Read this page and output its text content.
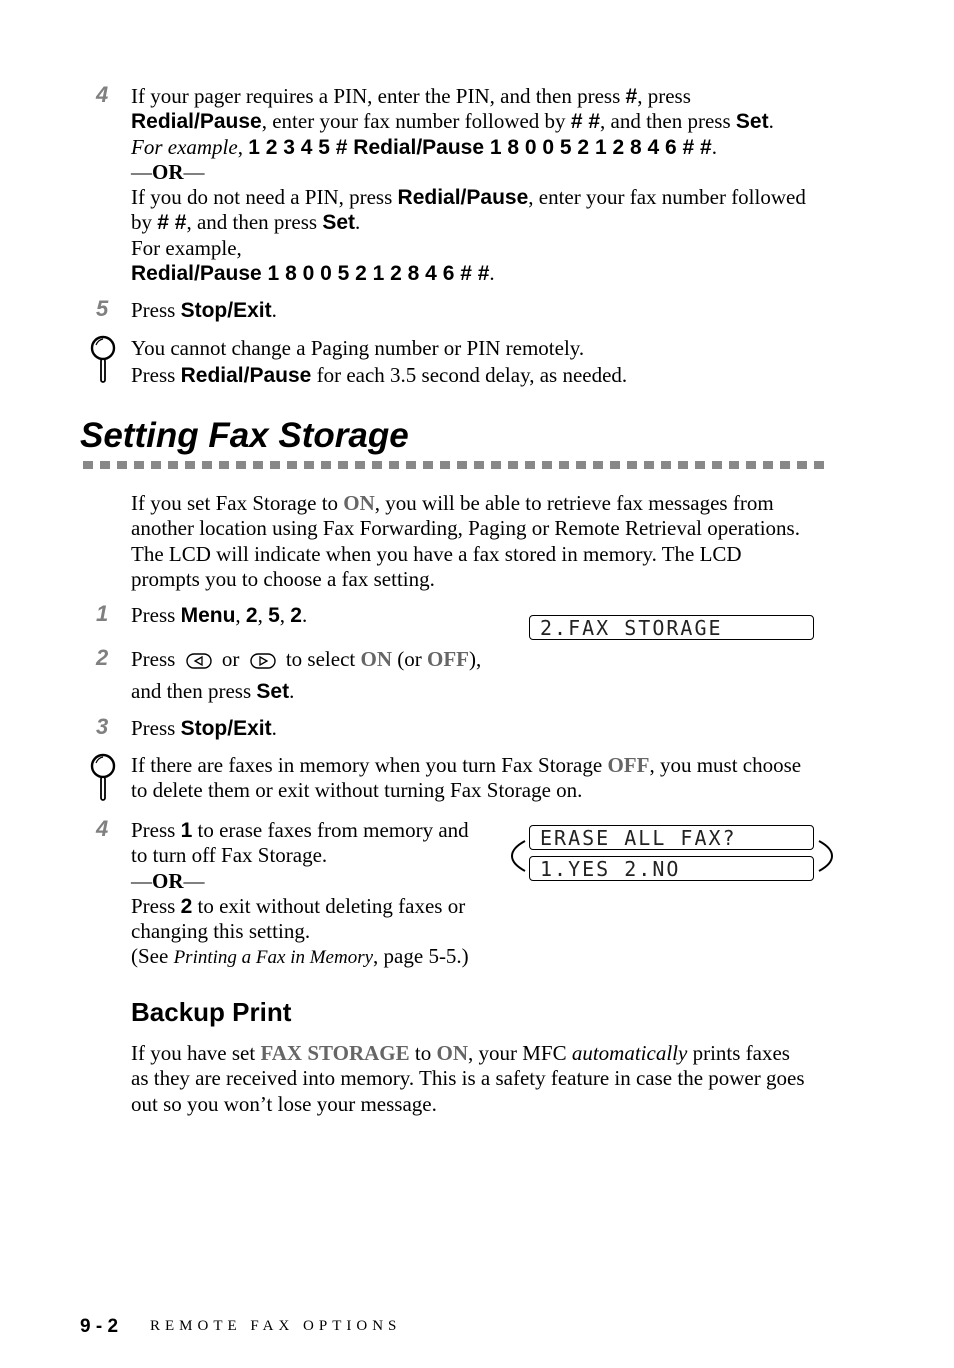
4 If your pager requires a PIN, enter the PIN, and then press #, press
Redial/Pause, enter your fax number followed by # #, and then press Set.
For example, 1 2 3 4 5 # Redial/Pause 1 8 0 0 5 2 1 2 8 4 6 # #.
—OR—
If you do not need a PIN, press Redial/Pause, enter your fax number followed
by # #, and then press Set.
For example,
Redial/Pause 1 8 0 0 5 2 1 2 8 4 6 # #.
5 Press Stop/Exit.
You cannot change a Paging number or PIN remotely.
Press Redial/Pause for each 3.5 second delay, as needed.
Setting Fax Storage
If you set Fax Storage to ON, you will be able to retrieve fax messages from
another location using Fax Forwarding, Paging or Remote Retrieval operations.
The LCD will indicate when you have a fax stored in memory. The LCD
prompts you to choose a fax setting.
1 Press Menu, 2, 5, 2.
2.FAX STORAGE
2 Press or to select ON (or OFF),
and then press Set.
3 Press Stop/Exit.
If there are faxes in memory when you turn Fax Storage OFF, you must choose
to delete them or exit without turning Fax Storage on.
4 Press 1 to erase faxes from memory and
to turn off Fax Storage.
—OR—
Press 2 to exit without deleting faxes or
changing this setting.
(See Printing a Fax in Memory, page 5-5.)
ERASE ALL FAX?
1.YES 2.NO
Backup Print
If you have set FAX STORAGE to ON, your MFC automatically prints faxes
as they are received into memory. This is a safety feature in case the power goes
out so you won’t lose your message.
9 - 2 REMOTE FAX OPTIONS
